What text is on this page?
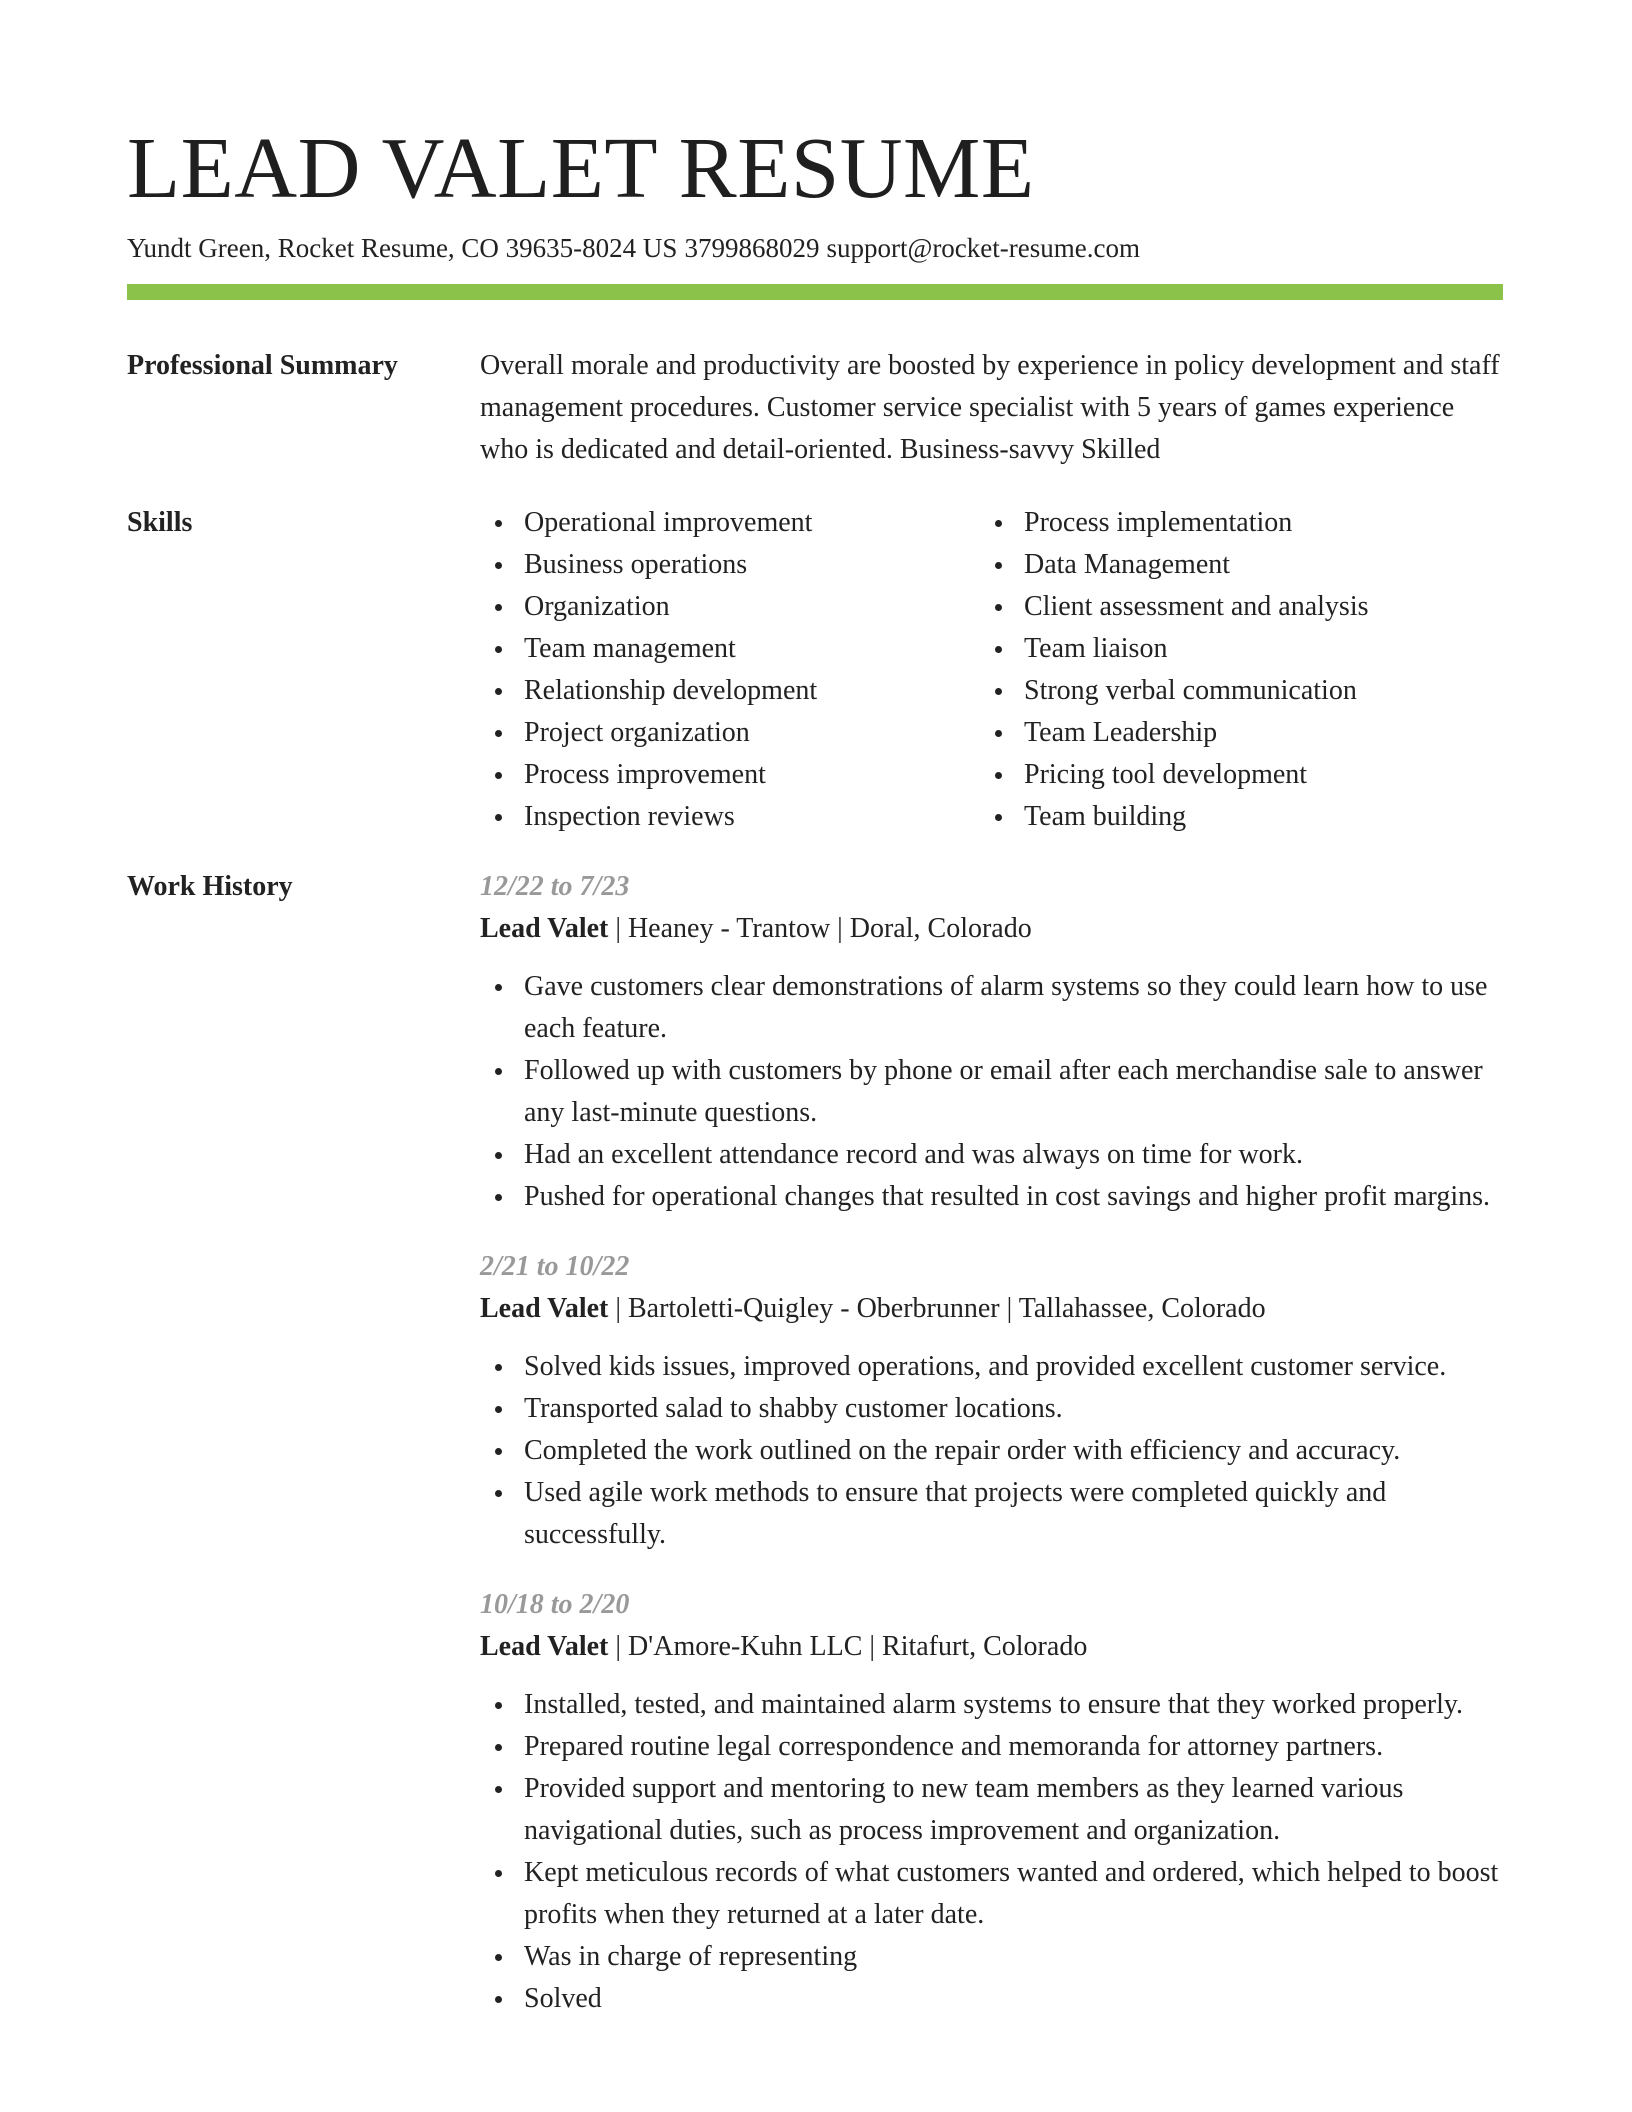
LEAD VALET RESUME
Yundt Green, Rocket Resume, CO 39635-8024 US 3799868029 support@rocket-resume.com
Professional Summary	Overall morale and productivity are boosted by experience in policy development and staff management procedures. Customer service specialist with 5 years of games experience who is dedicated and detail-oriented. Business-savvy Skilled

Skills	Operational improvement
Business operations
Organization
Team management
Relationship development
Project organization
Process improvement
Inspection reviews
Process implementation
Data Management
Client assessment and analysis
Team liaison
Strong verbal communication
Team Leadership
Pricing tool development
Team building
Work History	12/22 to 7/23
Lead Valet | Heaney - Trantow | Doral, Colorado
Gave customers clear demonstrations of alarm systems so they could learn how to use each feature.
Followed up with customers by phone or email after each merchandise sale to answer any last-minute questions.
Had an excellent attendance record and was always on time for work.
Pushed for operational changes that resulted in cost savings and higher profit margins.
2/21 to 10/22
Lead Valet | Bartoletti-Quigley - Oberbrunner | Tallahassee, Colorado
Solved kids issues, improved operations, and provided excellent customer service.
Transported salad to shabby customer locations.
Completed the work outlined on the repair order with efficiency and accuracy.
Used agile work methods to ensure that projects were completed quickly and successfully.
10/18 to 2/20
Lead Valet | D'Amore-Kuhn LLC | Ritafurt, Colorado
Installed, tested, and maintained alarm systems to ensure that they worked properly.
Prepared routine legal correspondence and memoranda for attorney partners.
Provided support and mentoring to new team members as they learned various navigational duties, such as process improvement and organization.
Kept meticulous records of what customers wanted and ordered, which helped to boost profits when they returned at a later date.
Was in charge of representing
Solved
